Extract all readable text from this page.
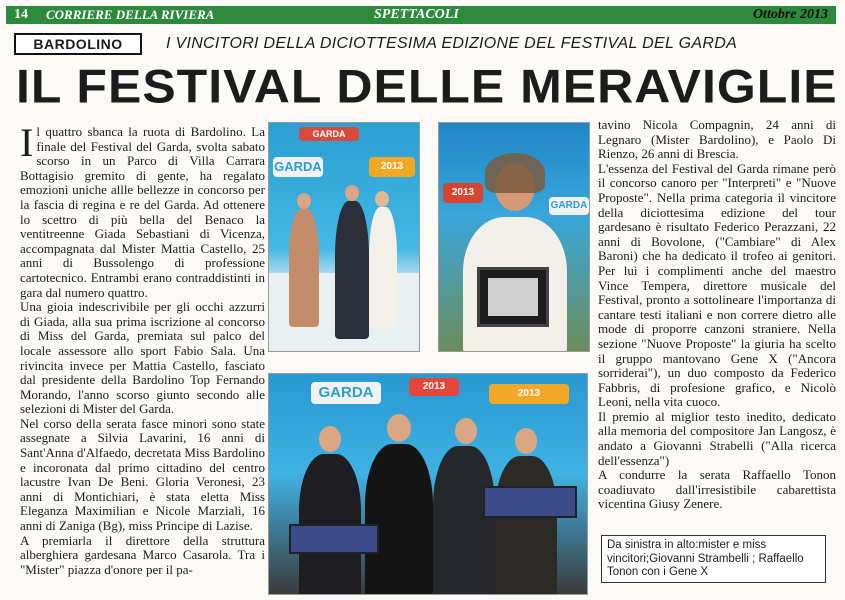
14 CORRIERE DELLA RIVIERA	SPETTACOLI	Ottobre 2013
BARDOLINO	I VINCITORI DELLA DICIOTTESIMA EDIZIONE DEL FESTIVAL DEL GARDA
IL FESTIVAL DELLE MERAVIGLIE

Il quattro sbanca la ruota di Bardolino. La finale del Festival del Garda, svolta sabato scorso in un Parco di Villa Carrara Bottagisio gremito di gente, ha regalato emozioni uniche allle bellezze in concorso per la fascia di regina e re del Garda. Ad ottenere lo scettro di più bella del Benaco la ventitreenne Giada Sebastiani di Vicenza, accompagnata dal Mister Mattia Castello, 25 anni di Bussolengo di professione cartotecnico. Entrambi erano contraddistinti in gara dal numero quattro.

Una gioia indescrivibile per gli occhi azzurri di Giada, alla sua prima iscrizione al concorso di Miss del Garda, premiata sul palco del locale assessore allo sport Fabio Sala. Una rivincita invece per Mattia Castello, fasciato dal presidente della Bardolino Top Fernando Morando, l'anno scorso giunto secondo alle selezioni di Mister del Garda.

Nel corso della serata fasce minori sono state assegnate a Silvia Lavarini, 16 anni di Sant'Anna d'Alfaedo, decretata Miss Bardolino e incoronata dal primo cittadino del centro lacustre Ivan De Beni. Gloria Veronesi, 23 anni di Montichiari, è stata eletta Miss Eleganza Maximilian e Nicole Marziali, 16 anni di Zaniga (Bg), miss Principe di Lazise.

A premiarla il direttore della struttura alberghiera gardesana Marco Casarola. Tra i "Mister" piazza d'onore per il pa-

GARDA
GARDA	2013
2013
GARDA

tavino Nicola Compagnin, 24 anni di Legnaro (Mister Bardolino), e Paolo Di Rienzo, 26 anni di Brescia.

L'essenza del Festival del Garda rimane però il concorso canoro per "Interpreti" e "Nuove Proposte". Nella prima categoria il vincitore della diciottesima edizione del tour gardesano è risultato Federico Perazzani, 22 anni di Bovolone, ("Cambiare" di Alex Baroni) che ha dedicato il trofeo ai genitori. Per lui i complimenti anche del maestro Vince Tempera, direttore musicale del Festival, pronto a sottolineare l'importanza di cantare testi italiani e non correre dietro alle mode di proporre canzoni straniere. Nella sezione "Nuove Proposte" la giuria ha scelto il gruppo mantovano Gene X ("Ancora sorriderai"), un duo composto da Federico Fabbris, di profesione grafico, e Nicolò Leoni, nella vita cuoco.

Il premio al miglior testo inedito, dedicato alla memoria del compositore Jan Langosz, è andato a Giovanni Strabelli ("Alla ricerca dell'essenza")

A condurre la serata Raffaello Tonon coadiuvato dall'irresistibile cabarettista vicentina Giusy Zenere.

GARDA	2013
2013
Da sinistra in alto:mister e miss vincitori;Giovanni Strambelli ; Raffaello Tonon con i Gene X
